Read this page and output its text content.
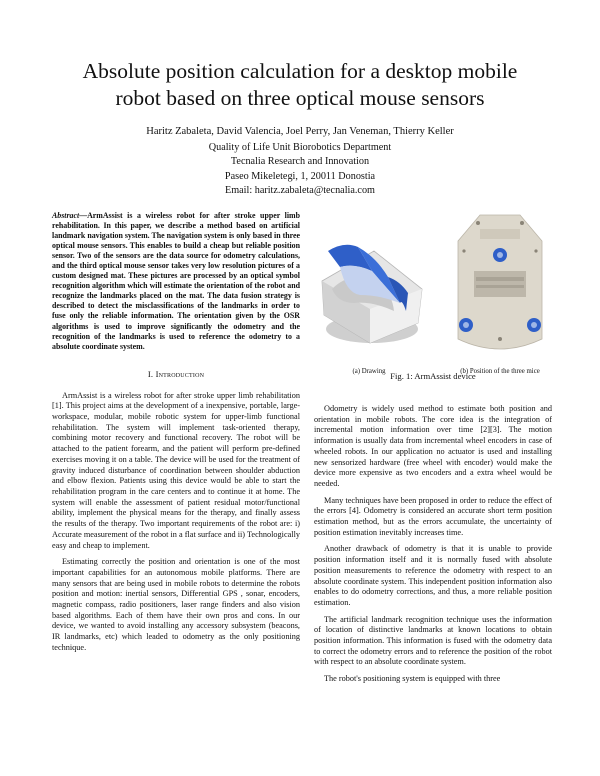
Absolute position calculation for a desktop mobile
robot based on three optical mouse sensors
Haritz Zabaleta, David Valencia, Joel Perry, Jan Veneman, Thierry Keller
Quality of Life Unit Biorobotics Department
Tecnalia Research and Innovation
Paseo Mikeletegi, 1, 20011 Donostia
Email: haritz.zabaleta@tecnalia.com
Abstract—ArmAssist is a wireless robot for after stroke upper limb rehabilitation. In this paper, we describe a method based on artificial landmark navigation system. The navigation system is only based in three optical mouse sensors. This enables to build a cheap but reliable position sensor. Two of the sensors are the data source for odometry calculations, and the third optical mouse sensor takes very low resolution pictures of a custom designed mat. These pictures are processed by an optical symbol recognition algorithm which will estimate the orientation of the robot and recognize the landmarks placed on the mat. The data fusion strategy is described to detect the misclassifications of the landmarks in order to fuse only the reliable information. The orientation given by the OSR algorithms is used to improve significantly the odometry and the recognition of the landmarks is used to reference the odometry to a absolute coordinate system.
I. Introduction

ArmAssist is a wireless robot for after stroke upper limb rehabilitation [1]. This project aims at the development of a inexpensive, portable, large-workspace, modular, mobile robotic system for upper-limb functional rehabilitation. The system will implement task-oriented therapy, combining motor recovery and functional recovery. The robot will be attached to the patient forearm, and the patient will perform pre-defined exercises moving it on a table. The device will be used for the treatment of gravity induced disturbance of coordination between shoulder abduction and elbow flexion. Patients using this device would be able to start the rehabilitation program in the care centers and to continue it at home. The system will enable the assessment of patient residual motor/functional ability, implement the physical means for the therapy, and finally assess the results of the therapy. Two important requirements of the robot are: i) Accurate measurement of the robot in a flat surface and ii) Technologically easy and cheap to implement.

Estimating correctly the position and orientation is one of the most important capabilities for an autonomous mobile platforms. There are many sensors that are being used in mobile robots to determine the robots position and motion: inertial sensors, Differential GPS , sonar, encoders, magnetic compass, radio positioners, laser range finders and also vision based algorithms. Each of them have their own pros and cons. In our device, we wanted to avoid installing any accessory subsystem (beacons, IR landmarks, etc) which leaded to odometry as the only positioning technique.

(a) Drawing	(b) Position of the three mice
Fig. 1: ArmAssist device

Odometry is widely used method to estimate both position and orientation in mobile robots. The core idea is the integration of incremental motion information over time [2][3]. The motion information is usually data from incremental wheel encoders in case of wheeled robots. In our application no actuator is used and installing new sensorized hardware (free wheel with encoder) would make the device more expensive as two encoders and a extra wheel would be needed.

Many techniques have been proposed in order to reduce the effect of the errors [4]. Odometry is considered an accurate short term position estimation method, but as the errors accumulate, the uncertainty of position estimation inevitably increases time.

Another drawback of odometry is that it is unable to provide position information itself and it is normally fused with absolute position measurements to reference the odometry with respect to an absolute coordinate system. This independent position information also enables to do odometry corrections, and thus, a more reliable position estimation.

The artificial landmark recognition technique uses the information of location of distinctive landmarks at known locations to obtain position information. This information is fused with the odometry data to correct the odometry errors and to reference the position of the robot with respect to an absolute coordinate system.

The robot's positioning system is equipped with three
